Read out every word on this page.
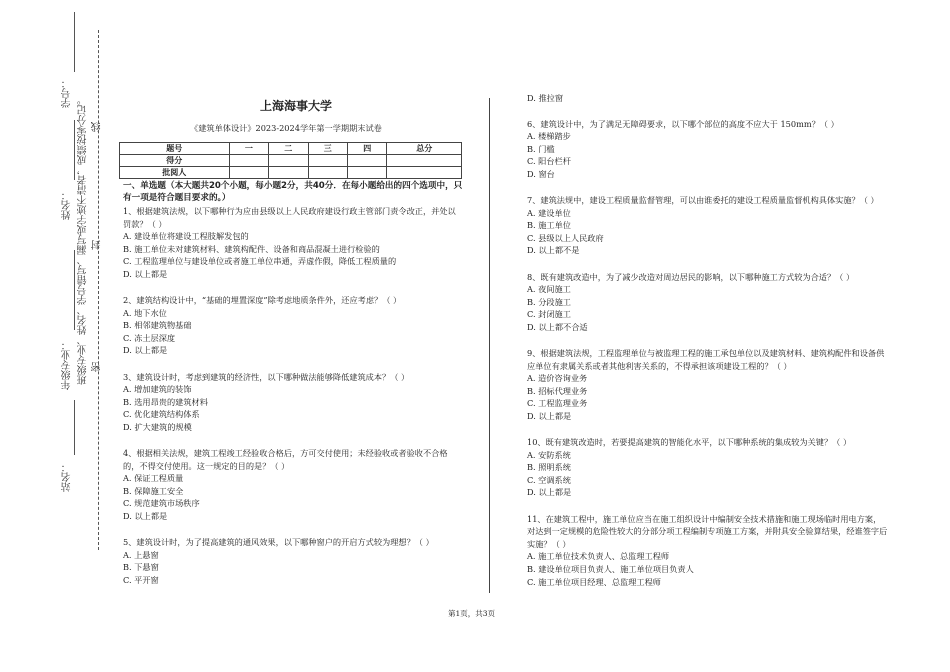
学号：
姓名：
年级专业：
站名：
班级专业、姓名、学号错写、漏写或字迹不清者，成绩按零分记。 密
封
线
上海海事大学
《建筑单体设计》2023-2024学年第一学期期末试卷
题号	一	二	三	四	总分
得分					
批阅人					
一、单选题（本大题共20个小题，每小题2分，共40分．在每小题给出的四个选项中，只有一项是符合题目要求的。）
1、根据建筑法规，以下哪种行为应由县级以上人民政府建设行政主管部门责令改正，并处以罚款？（ ）
A. 建设单位将建设工程肢解发包的
B. 施工单位未对建筑材料、建筑构配件、设备和商品混凝土进行检验的
C. 工程监理单位与建设单位或者施工单位串通，弄虚作假，降低工程质量的
D. 以上都是
2、建筑结构设计中，“基础的埋置深度”除考虑地质条件外，还应考虑？（ ）
A. 地下水位
B. 相邻建筑物基础
C. 冻土层深度
D. 以上都是
3、建筑设计时，考虑到建筑的经济性，以下哪种做法能够降低建筑成本？（ ）
A. 增加建筑的装饰
B. 选用昂贵的建筑材料
C. 优化建筑结构体系
D. 扩大建筑的规模
4、根据相关法规，建筑工程竣工经验收合格后，方可交付使用；未经验收或者验收不合格的，不得交付使用。这一规定的目的是？（ ）
A. 保证工程质量
B. 保障施工安全
C. 规范建筑市场秩序
D. 以上都是
5、建筑设计时，为了提高建筑的通风效果，以下哪种窗户的开启方式较为理想？（ ）
A. 上悬窗
B. 下悬窗
C. 平开窗
D. 推拉窗
6、建筑设计中，为了满足无障碍要求，以下哪个部位的高度不应大于 150mm？（ ）
A. 楼梯踏步
B. 门槛
C. 阳台栏杆
D. 窗台
7、建筑法规中，建设工程质量监督管理，可以由谁委托的建设工程质量监督机构具体实施？（ ）
A. 建设单位
B. 施工单位
C. 县级以上人民政府
D. 以上都不是
8、既有建筑改造中，为了减少改造对周边居民的影响，以下哪种施工方式较为合适？（ ）
A. 夜间施工
B. 分段施工
C. 封闭施工
D. 以上都不合适
9、根据建筑法规，工程监理单位与被监理工程的施工承包单位以及建筑材料、建筑构配件和设备供应单位有隶属关系或者其他利害关系的，不得承担该项建设工程的？（ ）
A. 造价咨询业务
B. 招标代理业务
C. 工程监理业务
D. 以上都是
10、既有建筑改造时，若要提高建筑的智能化水平，以下哪种系统的集成较为关键？（ ）
A. 安防系统
B. 照明系统
C. 空调系统
D. 以上都是
11、在建筑工程中，施工单位应当在施工组织设计中编制安全技术措施和施工现场临时用电方案，对达到一定规模的危险性较大的分部分项工程编制专项施工方案，并附具安全验算结果，经谁签字后实施？（ ）
A. 施工单位技术负责人、总监理工程师
B. 建设单位项目负责人、施工单位项目负责人
C. 施工单位项目经理、总监理工程师
第1页，共3页
